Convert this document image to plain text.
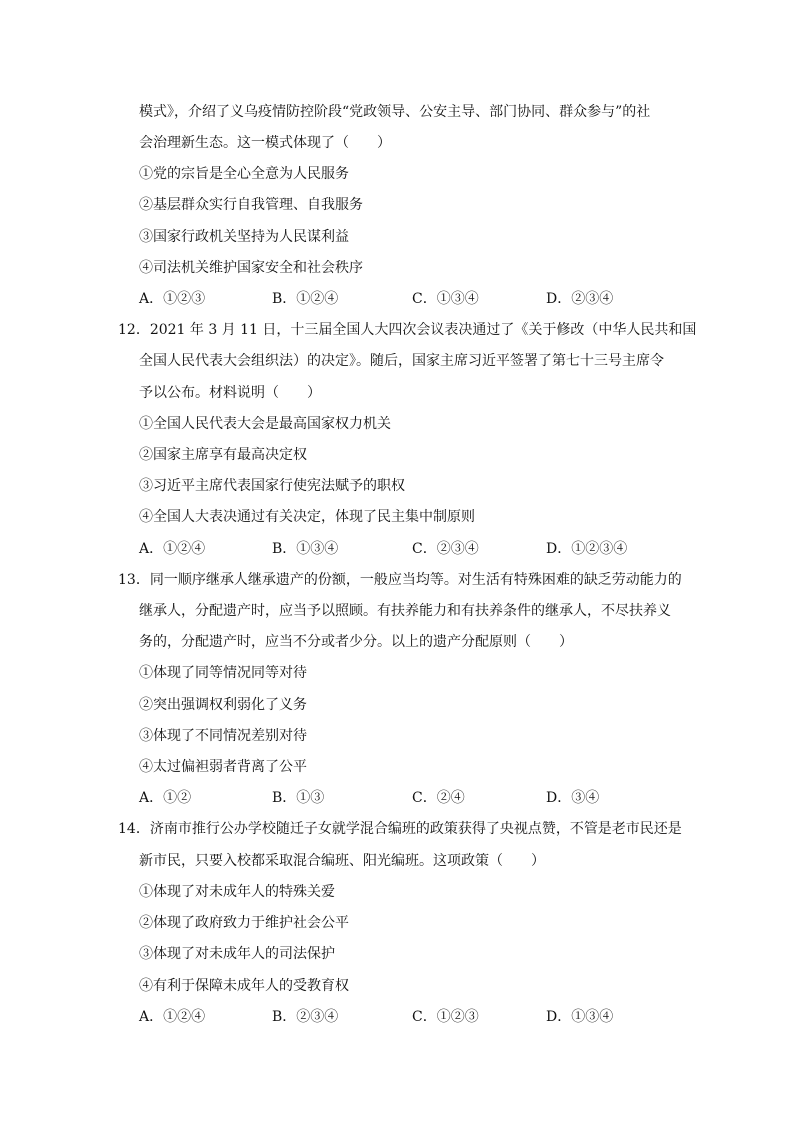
模式》，介绍了义乌疫情防控阶段“党政领导、公安主导、部门协同、群众参与”的社
会治理新生态。这一模式体现了（　　）
①党的宗旨是全心全意为人民服务
②基层群众实行自我管理、自我服务
③国家行政机关坚持为人民谋利益
④司法机关维护国家安全和社会秩序
A．①②③	B．①②④	C．①③④	D．②③④
12．2021 年 3 月 11 日，十三届全国人大四次会议表决通过了《关于修改（中华人民共和国
全国人民代表大会组织法）的决定》。随后，国家主席习近平签署了第七十三号主席令
予以公布。材料说明（　　）
①全国人民代表大会是最高国家权力机关
②国家主席享有最高决定权
③习近平主席代表国家行使宪法赋予的职权
④全国人大表决通过有关决定，体现了民主集中制原则
A．①②④	B．①③④	C．②③④	D．①②③④
13．同一顺序继承人继承遗产的份额，一般应当均等。对生活有特殊困难的缺乏劳动能力的
继承人，分配遗产时，应当予以照顾。有扶养能力和有扶养条件的继承人，不尽扶养义
务的，分配遗产时，应当不分或者少分。以上的遗产分配原则（　　）
①体现了同等情况同等对待
②突出强调权利弱化了义务
③体现了不同情况差别对待
④太过偏袒弱者背离了公平
A．①②	B．①③	C．②④	D．③④
14．济南市推行公办学校随迁子女就学混合编班的政策获得了央视点赞，不管是老市民还是
新市民，只要入校都采取混合编班、阳光编班。这项政策（　　）
①体现了对未成年人的特殊关爱
②体现了政府致力于维护社会公平
③体现了对未成年人的司法保护
④有利于保障未成年人的受教育权
A．①②④	B．②③④	C．①②③	D．①③④
